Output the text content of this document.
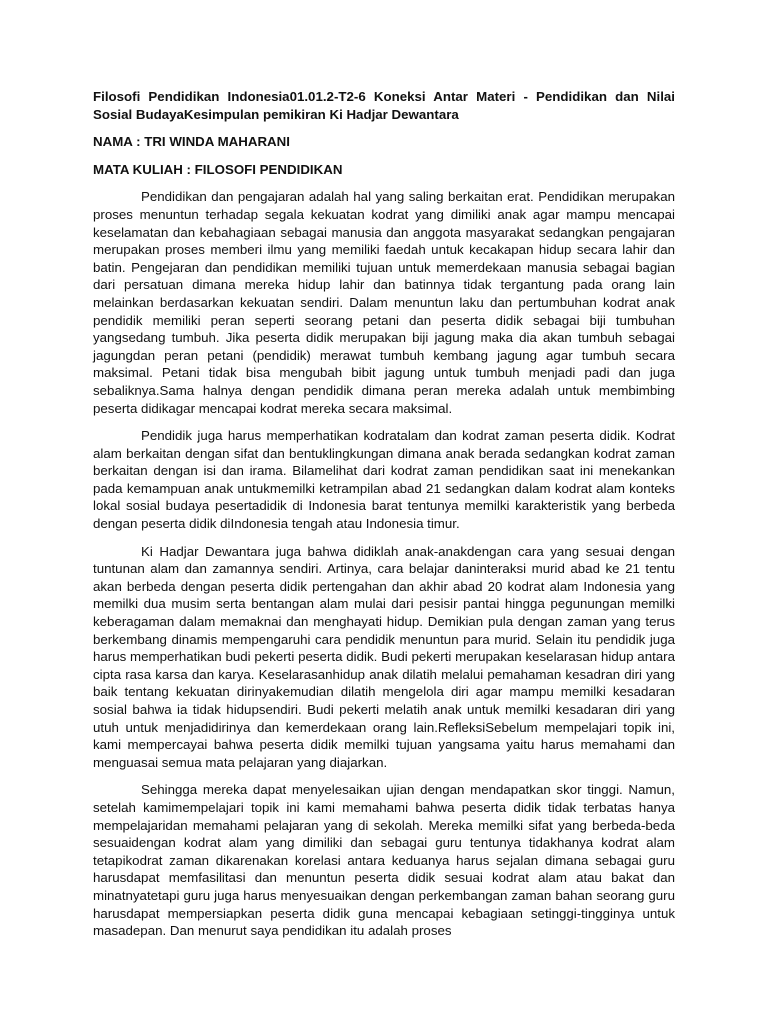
Filosofi Pendidikan Indonesia01.01.2-T2-6 Koneksi Antar Materi - Pendidikan dan Nilai Sosial BudayaKesimpulan pemikiran Ki Hadjar Dewantara

NAMA : TRI WINDA MAHARANI

MATA KULIAH : FILOSOFI PENDIDIKAN

Pendidikan dan pengajaran adalah hal yang saling berkaitan erat. Pendidikan merupakan proses menuntun terhadap segala kekuatan kodrat yang dimiliki anak agar mampu mencapai keselamatan dan kebahagiaan sebagai manusia dan anggota masyarakat sedangkan pengajaran merupakan proses memberi ilmu yang memiliki faedah untuk kecakapan hidup secara lahir dan batin. Pengejaran dan pendidikan memiliki tujuan untuk memerdekaan manusia sebagai bagian dari persatuan dimana mereka hidup lahir dan batinnya tidak tergantung pada orang lain melainkan berdasarkan kekuatan sendiri. Dalam menuntun laku dan pertumbuhan kodrat anak pendidik memiliki peran seperti seorang petani dan peserta didik sebagai biji tumbuhan yangsedang tumbuh. Jika peserta didik merupakan biji jagung maka dia akan tumbuh sebagai jagungdan peran petani (pendidik) merawat tumbuh kembang jagung agar tumbuh secara maksimal. Petani tidak bisa mengubah bibit jagung untuk tumbuh menjadi padi dan juga sebaliknya.Sama halnya dengan pendidik dimana peran mereka adalah untuk membimbing peserta didikagar mencapai kodrat mereka secara maksimal.

Pendidik juga harus memperhatikan kodratalam dan kodrat zaman peserta didik. Kodrat alam berkaitan dengan sifat dan bentuklingkungan dimana anak berada sedangkan kodrat zaman berkaitan dengan isi dan irama. Bilamelihat dari kodrat zaman pendidikan saat ini menekankan pada kemampuan anak untukmemilki ketrampilan abad 21 sedangkan dalam kodrat alam konteks lokal sosial budaya pesertadidik di Indonesia barat tentunya memilki karakteristik yang berbeda dengan peserta didik diIndonesia tengah atau Indonesia timur.

Ki Hadjar Dewantara juga bahwa didiklah anak-anakdengan cara yang sesuai dengan tuntunan alam dan zamannya sendiri. Artinya, cara belajar daninteraksi murid abad ke 21 tentu akan berbeda dengan peserta didik pertengahan dan akhir abad 20 kodrat alam Indonesia yang memilki dua musim serta bentangan alam mulai dari pesisir pantai hingga pegunungan memilki keberagaman dalam memaknai dan menghayati hidup. Demikian pula dengan zaman yang terus berkembang dinamis mempengaruhi cara pendidik menuntun para murid. Selain itu pendidik juga harus memperhatikan budi pekerti peserta didik. Budi pekerti merupakan keselarasan hidup antara cipta rasa karsa dan karya. Keselarasanhidup anak dilatih melalui pemahaman kesadran diri yang baik tentang kekuatan dirinyakemudian dilatih mengelola diri agar mampu memilki kesadaran sosial bahwa ia tidak hidupsendiri. Budi pekerti melatih anak untuk memilki kesadaran diri yang utuh untuk menjadidirinya dan kemerdekaan orang lain.RefleksiSebelum mempelajari topik ini, kami mempercayai bahwa peserta didik memilki tujuan yangsama yaitu harus memahami dan menguasai semua mata pelajaran yang diajarkan.

Sehingga mereka dapat menyelesaikan ujian dengan mendapatkan skor tinggi. Namun, setelah kamimempelajari topik ini kami memahami bahwa peserta didik tidak terbatas hanya mempelajaridan memahami pelajaran yang di sekolah. Mereka memilki sifat yang berbeda-beda sesuaidengan kodrat alam yang dimiliki dan sebagai guru tentunya tidakhanya kodrat alam tetapikodrat zaman dikarenakan korelasi antara keduanya harus sejalan dimana sebagai guru harusdapat memfasilitasi dan menuntun peserta didik sesuai kodrat alam atau bakat dan minatnyatetapi guru juga harus menyesuaikan dengan perkembangan zaman bahan seorang guru harusdapat mempersiapkan peserta didik guna mencapai kebagiaan setinggi-tingginya untuk masadepan. Dan menurut saya pendidikan itu adalah proses
